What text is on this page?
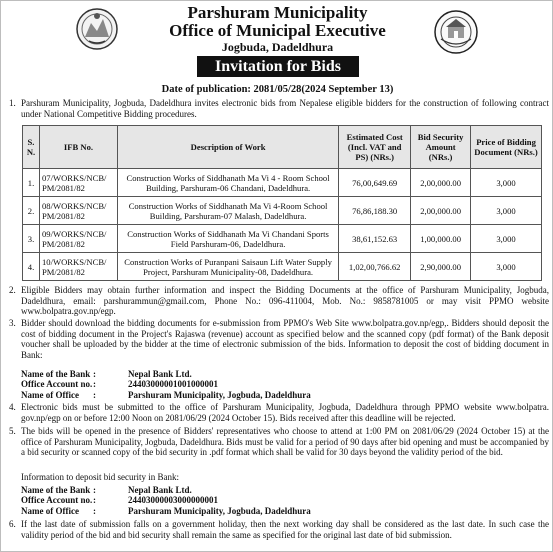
Parshuram Municipality
Office of Municipal Executive
Jogbuda, Dadeldhura
Invitation for Bids
Date of publication: 2081/05/28(2024 September 13)
1. Parshuram Municipality, Jogbuda, Dadeldhura invites electronic bids from Nepalese eligible bidders for the construction of following contract under National Competitive Bidding procedures.
S. N.	IFB No.	Description of Work	Estimated Cost (Incl. VAT and PS) (NRs.)	Bid Security Amount (NRs.)	Price of Bidding Document (NRs.)
1.	07/WORKS/NCB/ PM/2081/82	Construction Works of Siddhanath Ma Vi 4 - Room School Building, Parshuram-06 Chandani, Dadeldhura.	76,00,649.69	2,00,000.00	3,000
2.	08/WORKS/NCB/ PM/2081/82	Construction Works of Siddhanath Ma Vi 4-Room School Building, Parshuram-07 Malash, Dadeldhura.	76,86,188.30	2,00,000.00	3,000
3.	09/WORKS/NCB/ PM/2081/82	Construction Works of Siddhanath Ma Vi Chandani Sports Field Parshuram-06, Dadeldhura.	38,61,152.63	1,00,000.00	3,000
4.	10/WORKS/NCB/ PM/2081/82	Construction Works of Puranpani Saisaun Lift Water Supply Project, Parshuram Municipality-08, Dadeldhura.	1,02,00,766.62	2,90,000.00	3,000
2. Eligible Bidders may obtain further information and inspect the Bidding Documents at the office of Parshuram Municipality, Jogbuda, Dadeldhura, email: parshurammun@gmail.com, Phone No.: 096-411004, Mob. No.: 9858781005 or may visit PPMO website www.bolpatra.gov.np/egp.
3. Bidder should download the bidding documents for e-submission from PPMO's Web Site www.bolpatra.gov.np/egp,. Bidders should deposit the cost of bidding document in the Project's Rajaswa (revenue) account as specified below and the scanned copy (pdf format) of the Bank deposit voucher shall be uploaded by the bidder at the time of electronic submission of the bids. Information to deposit the cost of bidding document in Bank:
Name of the Bank :	Nepal Bank Ltd.
Office Account no. :	24403000001001000001
Name of Office	:	Parshuram Municipality, Jogbuda, Dadeldhura
4. Electronic bids must be submitted to the office of Parshuram Municipality, Jogbuda, Dadeldhura through PPMO website www.bolpatra. gov.np/egp on or before 12:00 Noon on 2081/06/29 (2024 October 15). Bids received after this deadline will be rejected.
5. The bids will be opened in the presence of Bidders' representatives who choose to attend at 1:00 PM on 2081/06/29 (2024 October 15) at the office of Parshuram Municipality, Jogbuda, Dadeldhura. Bids must be valid for a period of 90 days after bid opening and must be accompanied by a bid security or scanned copy of the bid security in .pdf format which shall be valid for 30 days beyond the validity period of the bid.
Information to deposit bid security in Bank:
Name of the Bank :	Nepal Bank Ltd.
Office Account no. :	24403000003000000001
Name of Office	:	Parshuram Municipality, Jogbuda, Dadeldhura
6. If the last date of submission falls on a government holiday, then the next working day shall be considered as the last date. In such case the validity period of the bid and bid security shall remain the same as specified for the original last date of bid submission.
